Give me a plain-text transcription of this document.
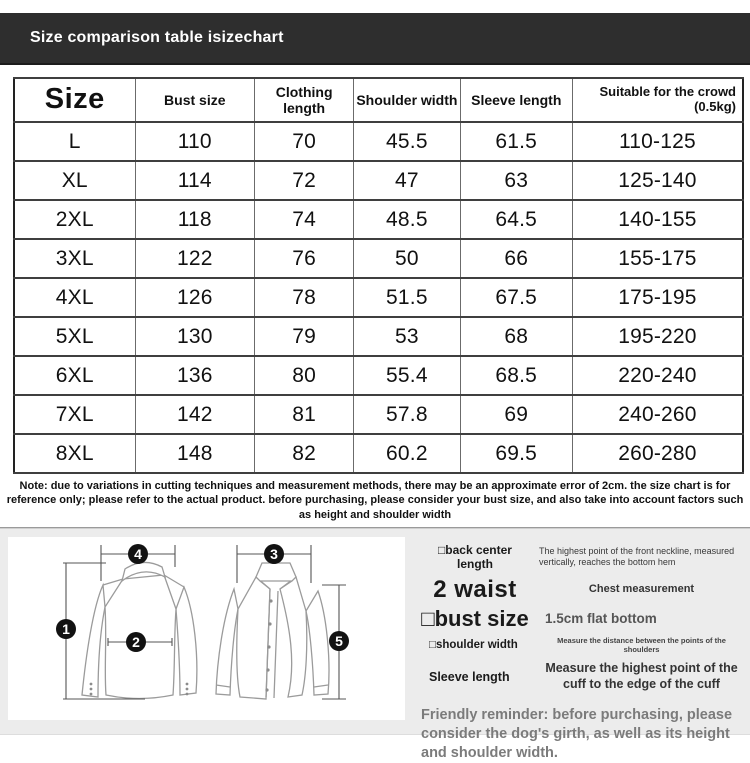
Size comparison table isizechart
Size	Bust size	Clothing length	Shoulder width	Sleeve length	Suitable for the crowd (0.5kg)
L	110	70	45.5	61.5	110-125
XL	114	72	47	63	125-140
2XL	118	74	48.5	64.5	140-155
3XL	122	76	50	66	155-175
4XL	126	78	51.5	67.5	175-195
5XL	130	79	53	68	195-220
6XL	136	80	55.4	68.5	220-240
7XL	142	81	57.8	69	240-260
8XL	148	82	60.2	69.5	260-280
Note: due to variations in cutting techniques and measurement methods, there may be an approximate error of 2cm. the size chart is for reference only; please refer to the actual product. before purchasing, please consider your bust size, and also take into account factors such as height and shoulder width
4
1
2
3
5
□back center length
The highest point of the front neckline, measured vertically, reaches the bottom hem
2 waist	Chest measurement
□bust size	1.5cm flat bottom
□shoulder width	Measure the distance between the points of the shoulders
Sleeve length
Measure the highest point of the cuff to the edge of the cuff
Friendly reminder: before purchasing, please consider the dog's girth, as well as its height and shoulder width.
